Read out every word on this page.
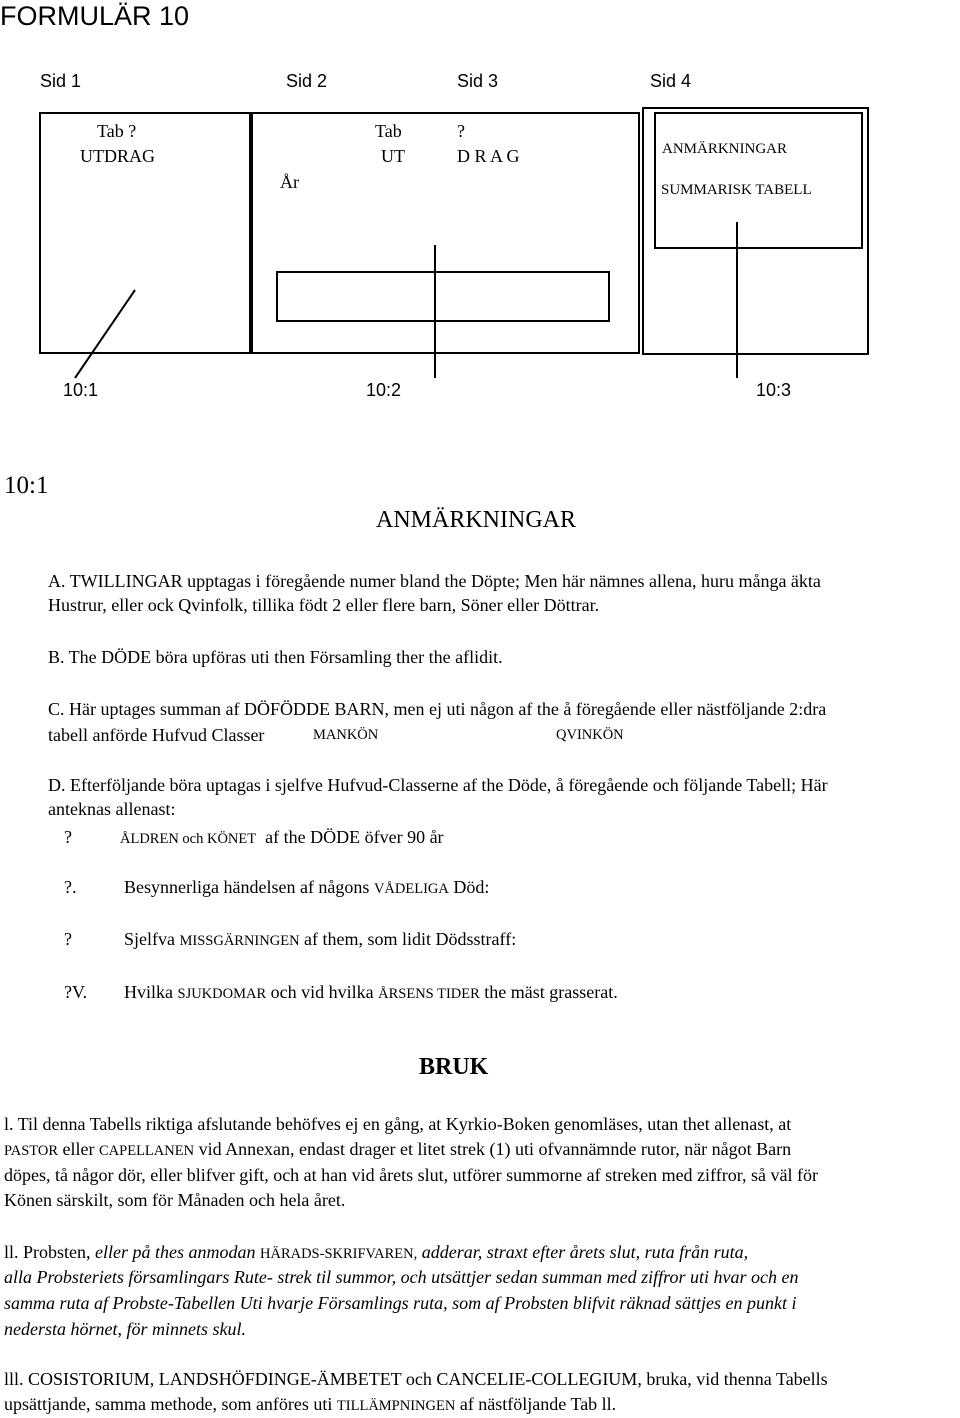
FORMULÄR 10
Sid 1	Sid 2	Sid 3	Sid 4
Tab ?
UTDRAG
Tab	?
UT	D R A G
År
ANMÄRKNINGAR
SUMMARISK TABELL
10:1	10:2	10:3
10:1
ANMÄRKNINGAR
A. TWILLINGAR upptagas i föregående numer bland the Döpte; Men här nämnes allena, huru många äkta
Hustrur, eller ock Qvinfolk, tillika födt 2 eller flere barn, Söner eller Döttrar.
B. The DÖDE böra upföras uti then Församling ther the aflidit.
C. Här uptages summan af DÖFÖDDE BARN, men ej uti någon af the å föregående eller nästföljande 2:dra
tabell anförde Hufvud Classer	MANKÖN	QVINKÖN
D. Efterföljande böra uptagas i sjelfve Hufvud-Classerne af the Döde, å föregående och följande Tabell; Här
anteknas allenast:
?	ÅLDREN och KÖNET af the DÖDE öfver 90 år
?.	Besynnerliga händelsen af någons VÅDELIGA Död:
?	Sjelfva MISSGÄRNINGEN af them, som lidit Dödsstraff:
?V. Hvilka SJUKDOMAR och vid hvilka ÅRSENS TIDER the mäst grasserat.
BRUK
l. Til denna Tabells riktiga afslutande behöfves ej en gång, at Kyrkio-Boken genomläses, utan thet allenast, at
PASTOR eller CAPELLANEN vid Annexan, endast drager et litet strek (1) uti ofvannämnde rutor, när något Barn
döpes, tå någor dör, eller blifver gift, och at han vid årets slut, utförer summorne af streken med ziffror, så väl för
Könen särskilt, som för Månaden och hela året.
ll. Probsten, eller på thes anmodan HÄRADS-SKRIFVAREN, adderar, straxt efter årets slut, ruta från ruta,
alla Probsteriets församlingars Rute- strek til summor, och utsättjer sedan summan med ziffror uti hvar och en
samma ruta af Probste-Tabellen Uti hvarje Församlings ruta, som af Probsten blifvit räknad sättjes en punkt i
nedersta hörnet, för minnets skul.
lll. COSISTORIUM, LANDSHÖFDINGE-ÄMBETET och CANCELIE-COLLEGIUM, bruka, vid thenna Tabells
upsättjande, samma methode, som anföres uti TILLÄMPNINGEN af nästföljande Tab ll.
